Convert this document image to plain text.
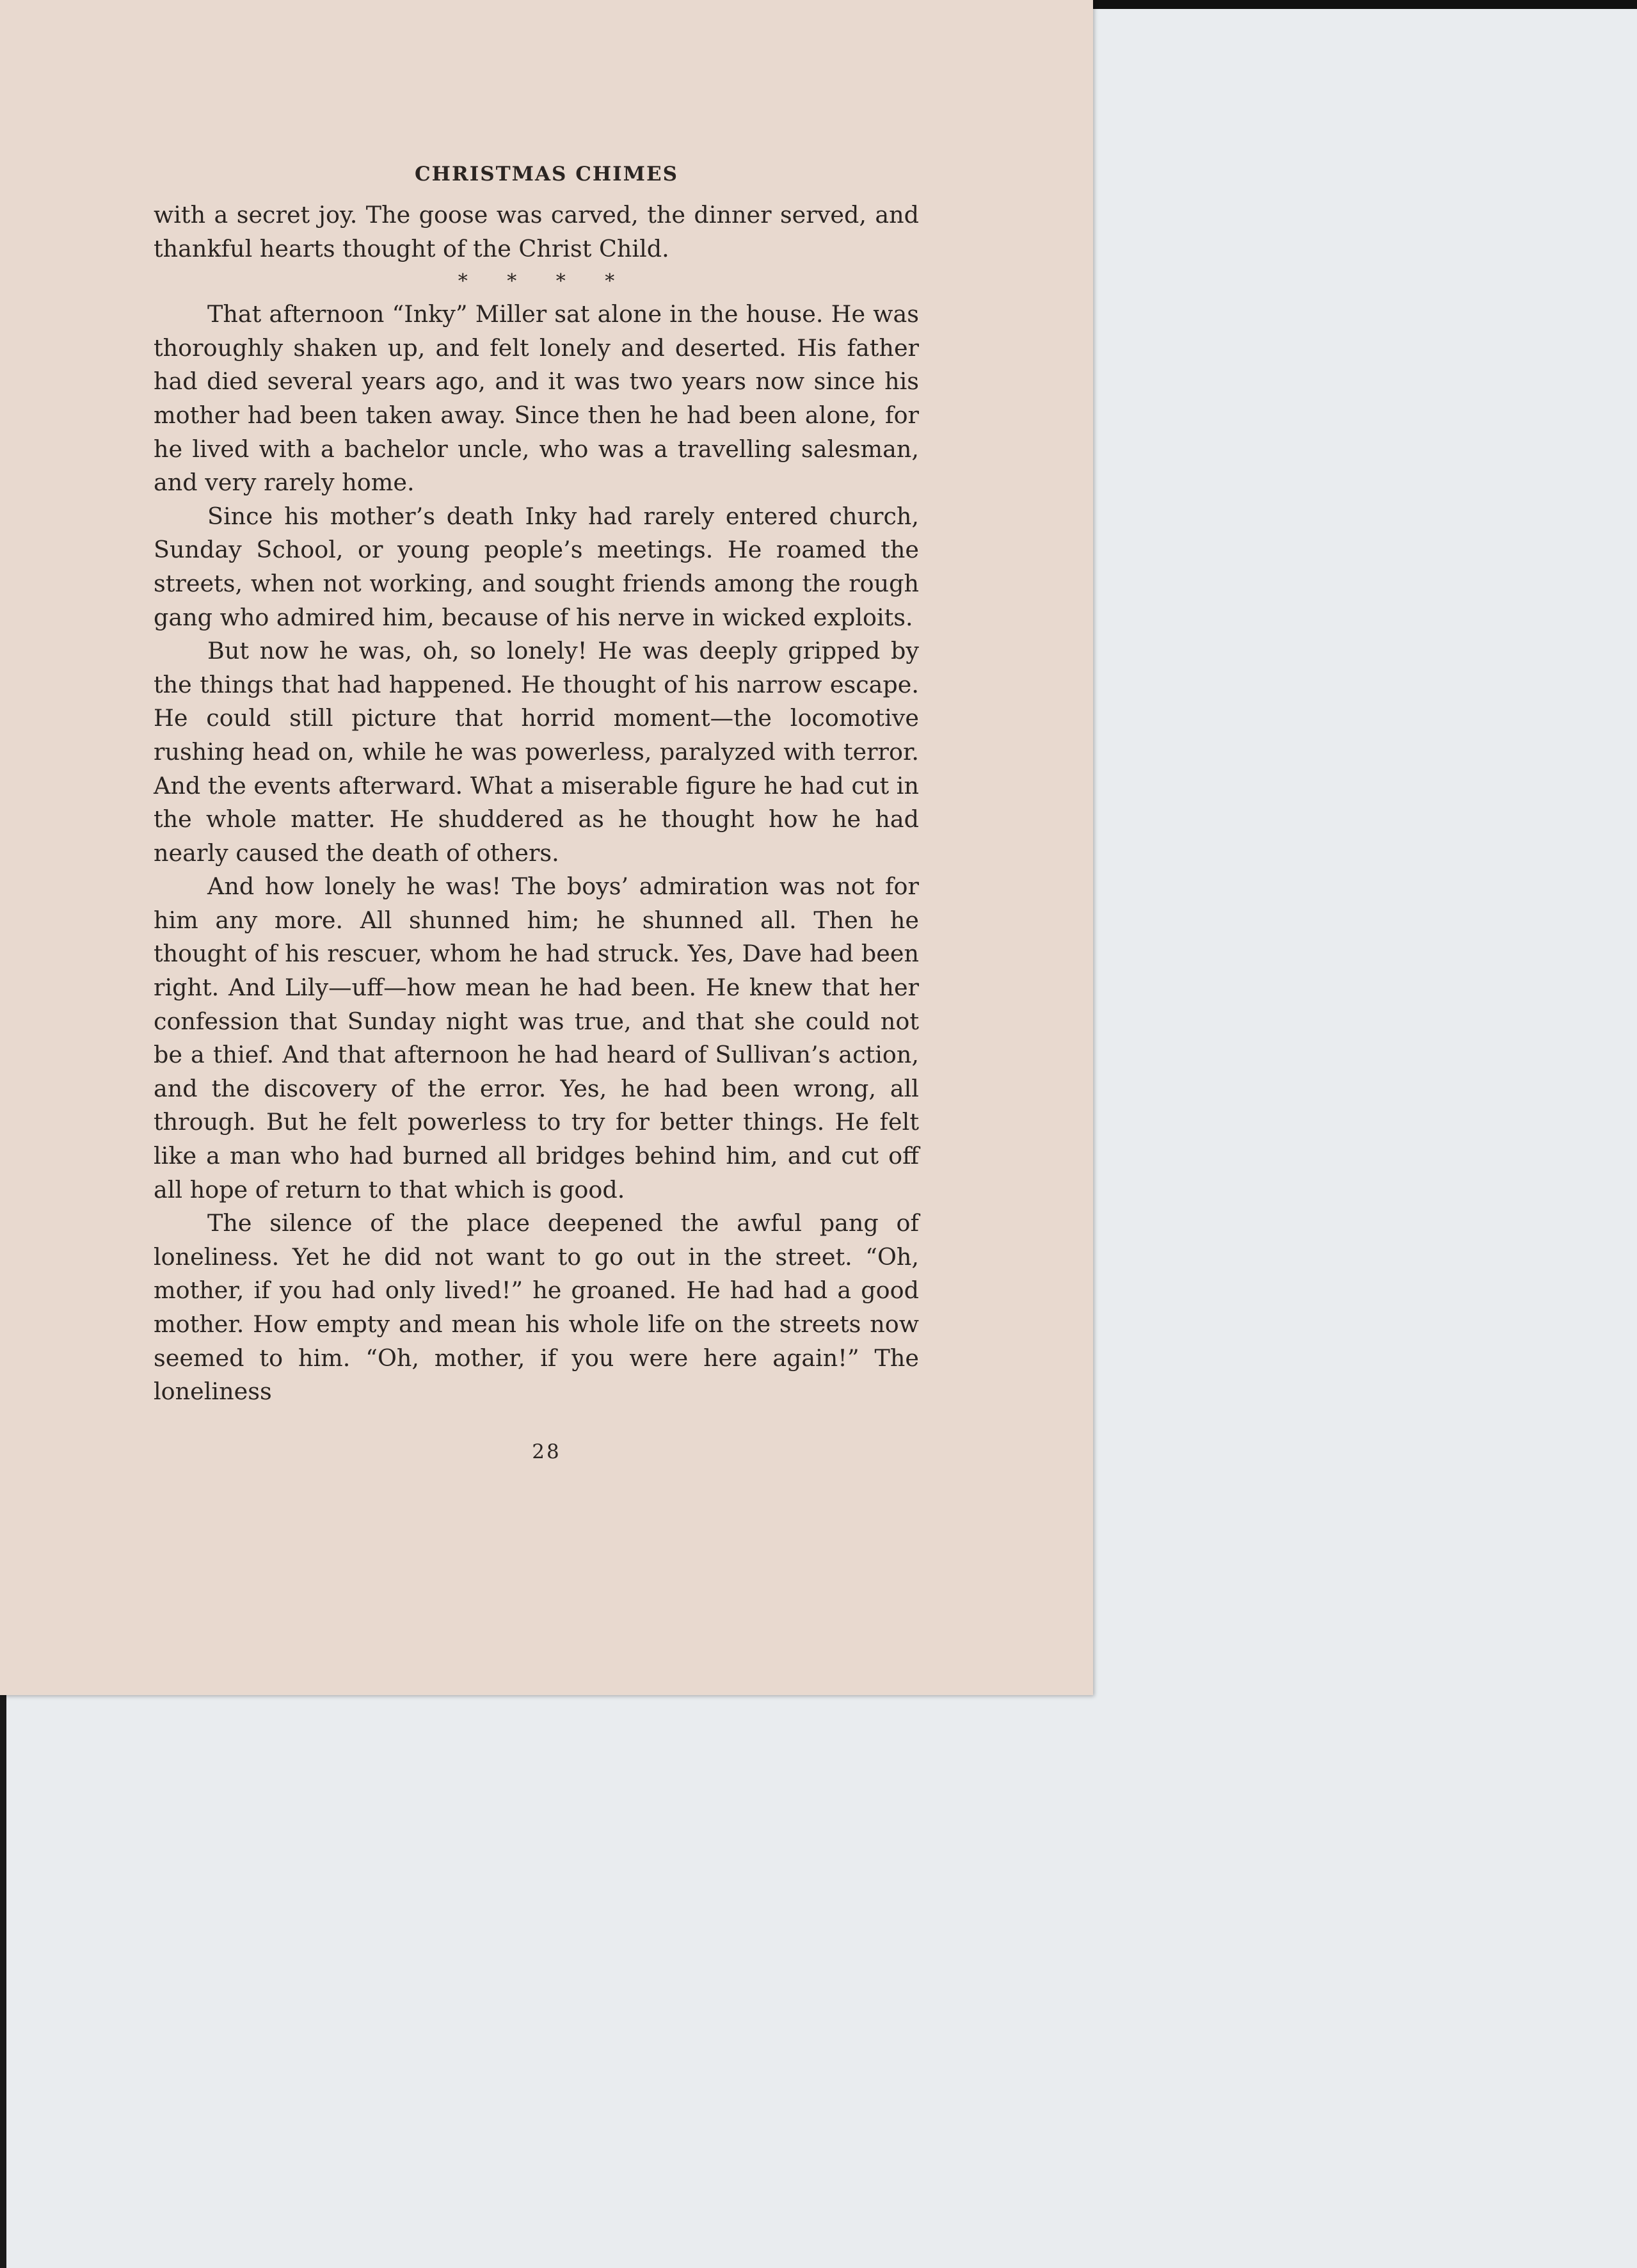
CHRISTMAS CHIMES

with a secret joy. The goose was carved, the dinner served, and thankful hearts thought of the Christ Child.

* * * *

That afternoon “Inky” Miller sat alone in the house. He was thoroughly shaken up, and felt lonely and deserted. His father had died several years ago, and it was two years now since his mother had been taken away. Since then he had been alone, for he lived with a bachelor uncle, who was a travelling salesman, and very rarely home.

Since his mother’s death Inky had rarely entered church, Sunday School, or young people’s meetings. He roamed the streets, when not working, and sought friends among the rough gang who admired him, because of his nerve in wicked exploits.

But now he was, oh, so lonely! He was deeply gripped by the things that had happened. He thought of his narrow escape. He could still picture that horrid moment—the locomotive rushing head on, while he was powerless, paralyzed with terror. And the events afterward. What a miserable figure he had cut in the whole matter. He shuddered as he thought how he had nearly caused the death of others.

And how lonely he was! The boys’ admiration was not for him any more. All shunned him; he shunned all. Then he thought of his rescuer, whom he had struck. Yes, Dave had been right. And Lily—uff—how mean he had been. He knew that her confession that Sunday night was true, and that she could not be a thief. And that afternoon he had heard of Sullivan’s action, and the discovery of the error. Yes, he had been wrong, all through. But he felt powerless to try for better things. He felt like a man who had burned all bridges behind him, and cut off all hope of return to that which is good.

The silence of the place deepened the awful pang of loneliness. Yet he did not want to go out in the street. “Oh, mother, if you had only lived!” he groaned. He had had a good mother. How empty and mean his whole life on the streets now seemed to him. “Oh, mother, if you were here again!” The loneliness

28
